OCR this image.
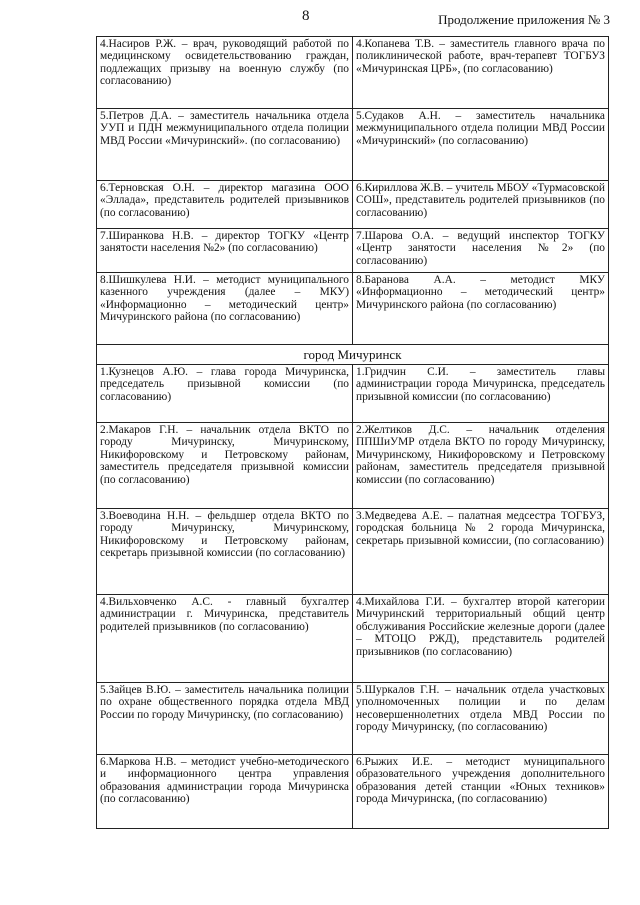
8	Продолжение приложения № 3
4.Насиров Р.Ж. – врач, руководящий работой по медицинскому освидетельствованию граждан, подлежащих призыву на военную службу (по согласованию)	4.Копанева Т.В. – заместитель главного врача по поликлинической работе, врач-терапевт ТОГБУЗ «Мичуринская ЦРБ», (по согласованию)

5.Петров Д.А. – заместитель начальника отдела УУП и ПДН межмуниципального отдела полиции МВД России «Мичуринский». (по согласованию)	5.Судаков А.Н. – заместитель начальника межмуниципального отдела полиции МВД России «Мичуринский» (по согласованию)

6.Терновская О.Н. – директор магазина ООО «Эллада», представитель родителей призывников (по согласованию)	6.Кириллова Ж.В. – учитель МБОУ «Турмасовской СОШ», представитель родителей призывников (по согласованию)

7.Ширанкова Н.В. – директор ТОГКУ «Центр занятости населения №2» (по согласованию)	7.Шарова О.А. – ведущий инспектор ТОГКУ «Центр занятости населения №2» (по согласованию)

8.Шишкулева Н.И. – методист муниципального казенного учреждения (далее – МКУ) «Информационно – методический центр» Мичуринского района (по согласованию)	8.Баранова А.А. – методист МКУ «Информационно – методический центр» Мичуринского района (по согласованию)

город Мичуринск	

1.Кузнецов А.Ю. – глава города Мичуринска, председатель призывной комиссии (по согласованию)	1.Гридчин С.И. – заместитель главы администрации города Мичуринска, председатель призывной комиссии (по согласованию)

2.Макаров Г.Н. – начальник отдела ВКТО по городу Мичуринску, Мичуринскому, Никифоровскому и Петровскому районам, заместитель председателя призывной комиссии (по согласованию)	2.Желтиков Д.С. – начальник отделения ППШиУМР отдела ВКТО по городу Мичуринску, Мичуринскому, Никифоровскому и Петровскому районам, заместитель председателя призывной комиссии (по согласованию)

3.Воеводина Н.Н. – фельдшер отдела ВКТО по городу Мичуринску, Мичуринскому, Никифоровскому и Петровскому районам, секретарь призывной комиссии (по согласованию)	3.Медведева А.Е. – палатная медсестра ТОГБУЗ, городская больница № 2 города Мичуринска, секретарь призывной комиссии, (по согласованию)

4.Вильховченко А.С. - главный бухгалтер администрации г. Мичуринска, представитель родителей призывников (по согласованию)	4.Михайлова Г.И. – бухгалтер второй категории Мичуринский территориальный общий центр обслуживания Российские железные дороги (далее – МТОЦО РЖД), представитель родителей призывников (по согласованию)

5.Зайцев В.Ю. – заместитель начальника полиции по охране общественного порядка отдела МВД России по городу Мичуринску, (по согласованию)	5.Шуркалов Г.Н. – начальник отдела участковых уполномоченных полиции и по делам несовершеннолетних отдела МВД России по городу Мичуринску, (по согласованию)

6.Маркова Н.В. – методист учебно-методического и информационного центра управления образования администрации города Мичуринска (по согласованию)	6.Рыжих И.Е. – методист муниципального образовательного учреждения дополнительного образования детей станции «Юных техников» города Мичуринска, (по согласованию)
